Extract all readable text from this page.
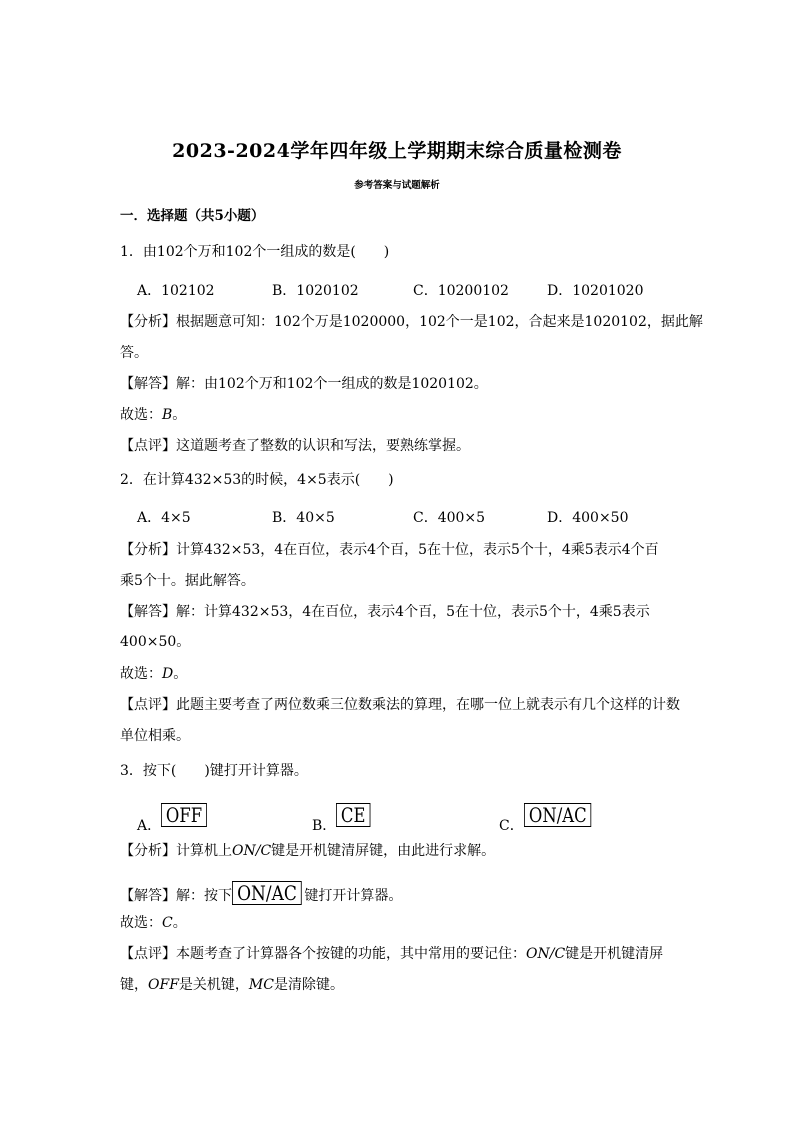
2023-2024学年四年级上学期期末综合质量检测卷
参考答案与试题解析
一．选择题（共5小题）
1．由102个万和102个一组成的数是(　　)
A．102102	B．1020102	C．10200102	D．10201020
【分析】根据题意可知：102个万是1020000，102个一是102，合起来是1020102，据此解
答。
【解答】解：由102个万和102个一组成的数是1020102。
故选：B。
【点评】这道题考查了整数的认识和写法，要熟练掌握。
2．在计算432×53的时候，4×5表示(　　)
A．4×5	B．40×5	C．400×5	D．400×50
【分析】计算432×53，4在百位，表示4个百，5在十位，表示5个十，4乘5表示4个百
乘5个十。据此解答。
【解答】解：计算432×53，4在百位，表示4个百，5在十位，表示5个十，4乘5表示
400×50。
故选：D。
【点评】此题主要考查了两位数乘三位数乘法的算理，在哪一位上就表示有几个这样的计数
单位相乘。
3．按下(　　)键打开计算器。
A． OFF	B． CE	C． ON/AC
【分析】计算机上ON/C键是开机键清屏键，由此进行求解。
【解答】解：按下 ON/AC 键打开计算器。
故选：C。
【点评】本题考查了计算器各个按键的功能，其中常用的要记住：ON/C键是开机键清屏
键，OFF是关机键，MC是清除键。
